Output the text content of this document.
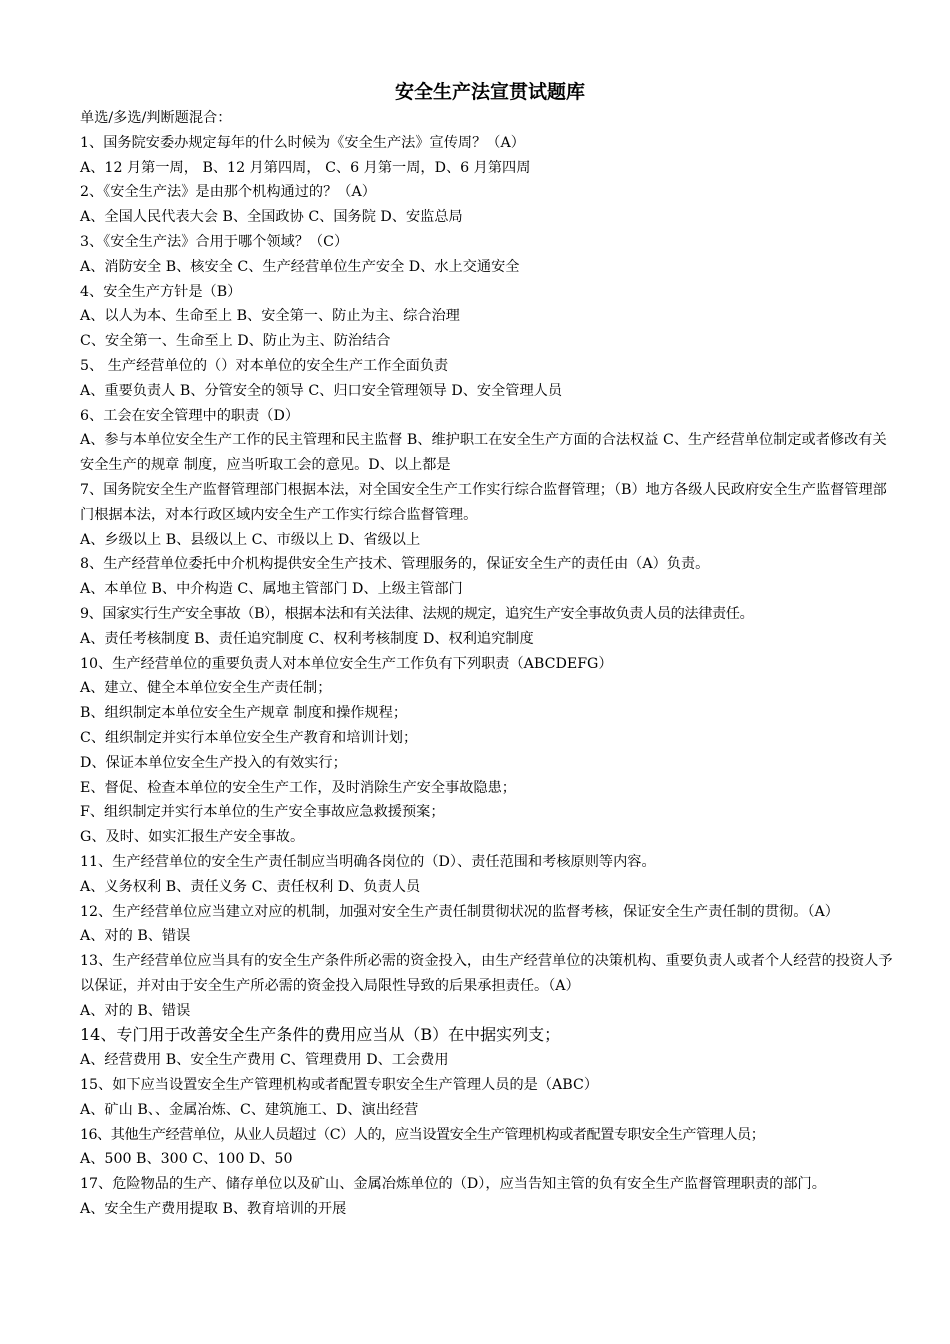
安全生产法宣贯试题库
单选/多选/判断题混合：
1、国务院安委办规定每年的什么时候为《安全生产法》宣传周？（A）
A、12 月第一周， B、12 月第四周， C、6 月第一周，D、6 月第四周
2、《安全生产法》是由那个机构通过的？（A）
A、全国人民代表大会 B、全国政协 C、国务院 D、安监总局
3、《安全生产法》合用于哪个领域？（C）
A、消防安全 B、核安全 C、生产经营单位生产安全 D、水上交通安全
4、安全生产方针是（B）
A、以人为本、生命至上 B、安全第一、防止为主、综合治理
C、安全第一、生命至上 D、防止为主、防治结合
5、 生产经营单位的（）对本单位的安全生产工作全面负责
A、重要负责人 B、分管安全的领导 C、归口安全管理领导 D、安全管理人员
6、工会在安全管理中的职责（D）
A、参与本单位安全生产工作的民主管理和民主监督 B、维护职工在安全生产方面的合法权益 C、生产经营单位制定或者修改有关安全生产的规章 制度，应当听取工会的意见。D、以上都是
7、国务院安全生产监督管理部门根据本法，对全国安全生产工作实行综合监督管理；（B）地方各级人民政府安全生产监督管理部门根据本法，对本行政区域内安全生产工作实行综合监督管理。
A、乡级以上 B、县级以上 C、市级以上 D、省级以上
8、生产经营单位委托中介机构提供安全生产技术、管理服务的，保证安全生产的责任由（A）负责。
A、本单位 B、中介构造 C、属地主管部门 D、上级主管部门
9、国家实行生产安全事故（B），根据本法和有关法律、法规的规定，追究生产安全事故负责人员的法律责任。
A、责任考核制度 B、责任追究制度 C、权利考核制度 D、权利追究制度
10、生产经营单位的重要负责人对本单位安全生产工作负有下列职责（ABCDEFG）
A、建立、健全本单位安全生产责任制；
B、组织制定本单位安全生产规章 制度和操作规程；
C、组织制定并实行本单位安全生产教育和培训计划；
D、保证本单位安全生产投入的有效实行；
E、督促、检查本单位的安全生产工作，及时消除生产安全事故隐患；
F、组织制定并实行本单位的生产安全事故应急救援预案；
G、及时、如实汇报生产安全事故。
11、生产经营单位的安全生产责任制应当明确各岗位的（D）、责任范围和考核原则等内容。
A、义务权利 B、责任义务 C、责任权利 D、负责人员
12、生产经营单位应当建立对应的机制，加强对安全生产责任制贯彻状况的监督考核，保证安全生产责任制的贯彻。（A）
A、对的 B、错误
13、生产经营单位应当具有的安全生产条件所必需的资金投入，由生产经营单位的决策机构、重要负责人或者个人经营的投资人予以保证，并对由于安全生产所必需的资金投入局限性导致的后果承担责任。（A）
A、对的 B、错误
14、专门用于改善安全生产条件的费用应当从（B）在中据实列支；
A、经营费用 B、安全生产费用 C、管理费用 D、工会费用
15、如下应当设置安全生产管理机构或者配置专职安全生产管理人员的是（ABC）
A、矿山 B、、金属冶炼、C、建筑施工、D、演出经营
16、其他生产经营单位，从业人员超过（C）人的，应当设置安全生产管理机构或者配置专职安全生产管理人员；
A、500 B、300 C、100 D、50
17、危险物品的生产、储存单位以及矿山、金属冶炼单位的（D），应当告知主管的负有安全生产监督管理职责的部门。
A、安全生产费用提取 B、教育培训的开展
